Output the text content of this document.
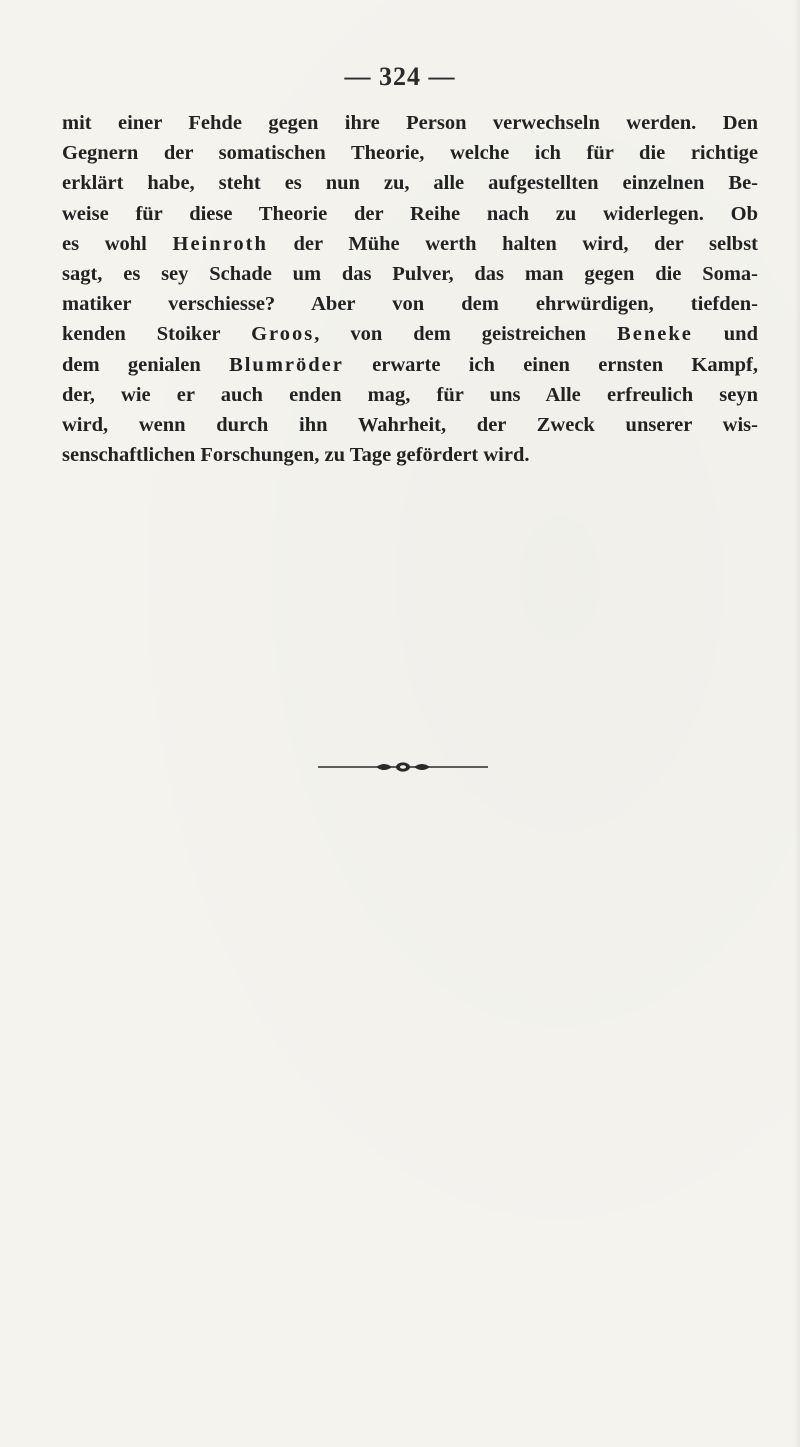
— 324 —
mit einer Fehde gegen ihre Person verwechseln werden. Den
Gegnern der somatischen Theorie, welche ich für die richtige
erklärt habe, steht es nun zu, alle aufgestellten einzelnen Be-
weise für diese Theorie der Reihe nach zu widerlegen. Ob
es wohl Heinroth der Mühe werth halten wird, der selbst
sagt, es sey Schade um das Pulver, das man gegen die Soma-
matiker verschiesse? Aber von dem ehrwürdigen, tiefden-
kenden Stoiker Groos, von dem geistreichen Beneke und
dem genialen Blumröder erwarte ich einen ernsten Kampf,
der, wie er auch enden mag, für uns Alle erfreulich seyn
wird, wenn durch ihn Wahrheit, der Zweck unserer wis-
senschaftlichen Forschungen, zu Tage gefördert wird.
